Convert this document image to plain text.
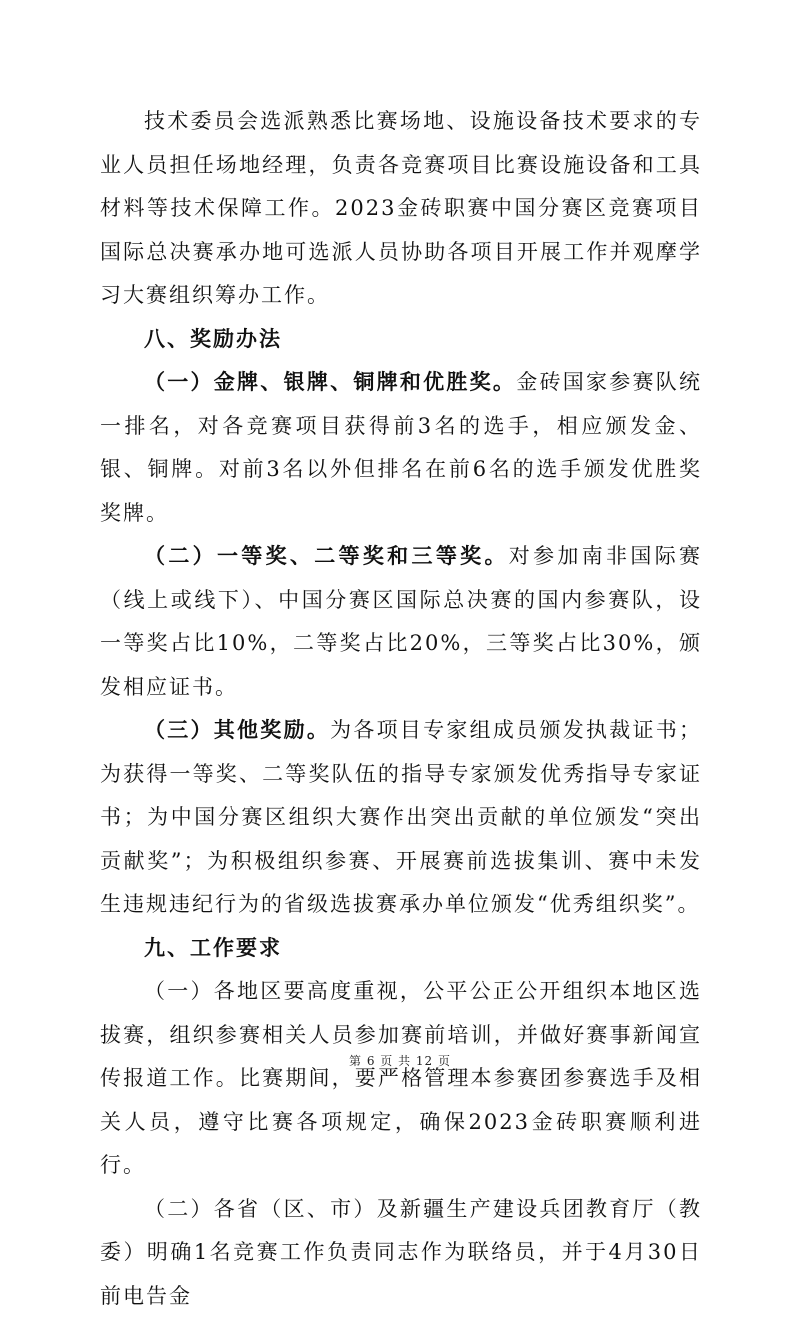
技术委员会选派熟悉比赛场地、设施设备技术要求的专业人员担任场地经理，负责各竞赛项目比赛设施设备和工具材料等技术保障工作。2023金砖职赛中国分赛区竞赛项目国际总决赛承办地可选派人员协助各项目开展工作并观摩学习大赛组织筹办工作。

八、奖励办法

（一）金牌、银牌、铜牌和优胜奖。金砖国家参赛队统一排名，对各竞赛项目获得前3名的选手，相应颁发金、银、铜牌。对前3名以外但排名在前6名的选手颁发优胜奖奖牌。

（二）一等奖、二等奖和三等奖。对参加南非国际赛（线上或线下）、中国分赛区国际总决赛的国内参赛队，设一等奖占比10%，二等奖占比20%，三等奖占比30%，颁发相应证书。

（三）其他奖励。为各项目专家组成员颁发执裁证书；为获得一等奖、二等奖队伍的指导专家颁发优秀指导专家证书；为中国分赛区组织大赛作出突出贡献的单位颁发“突出贡献奖”；为积极组织参赛、开展赛前选拔集训、赛中未发生违规违纪行为的省级选拔赛承办单位颁发“优秀组织奖”。

九、工作要求

（一）各地区要高度重视，公平公正公开组织本地区选拔赛，组织参赛相关人员参加赛前培训，并做好赛事新闻宣传报道工作。比赛期间，要严格管理本参赛团参赛选手及相关人员，遵守比赛各项规定，确保2023金砖职赛顺利进行。

（二）各省（区、市）及新疆生产建设兵团教育厅（教委）明确1名竞赛工作负责同志作为联络员，并于4月30日前电告金

第 6 页 共 12 页
